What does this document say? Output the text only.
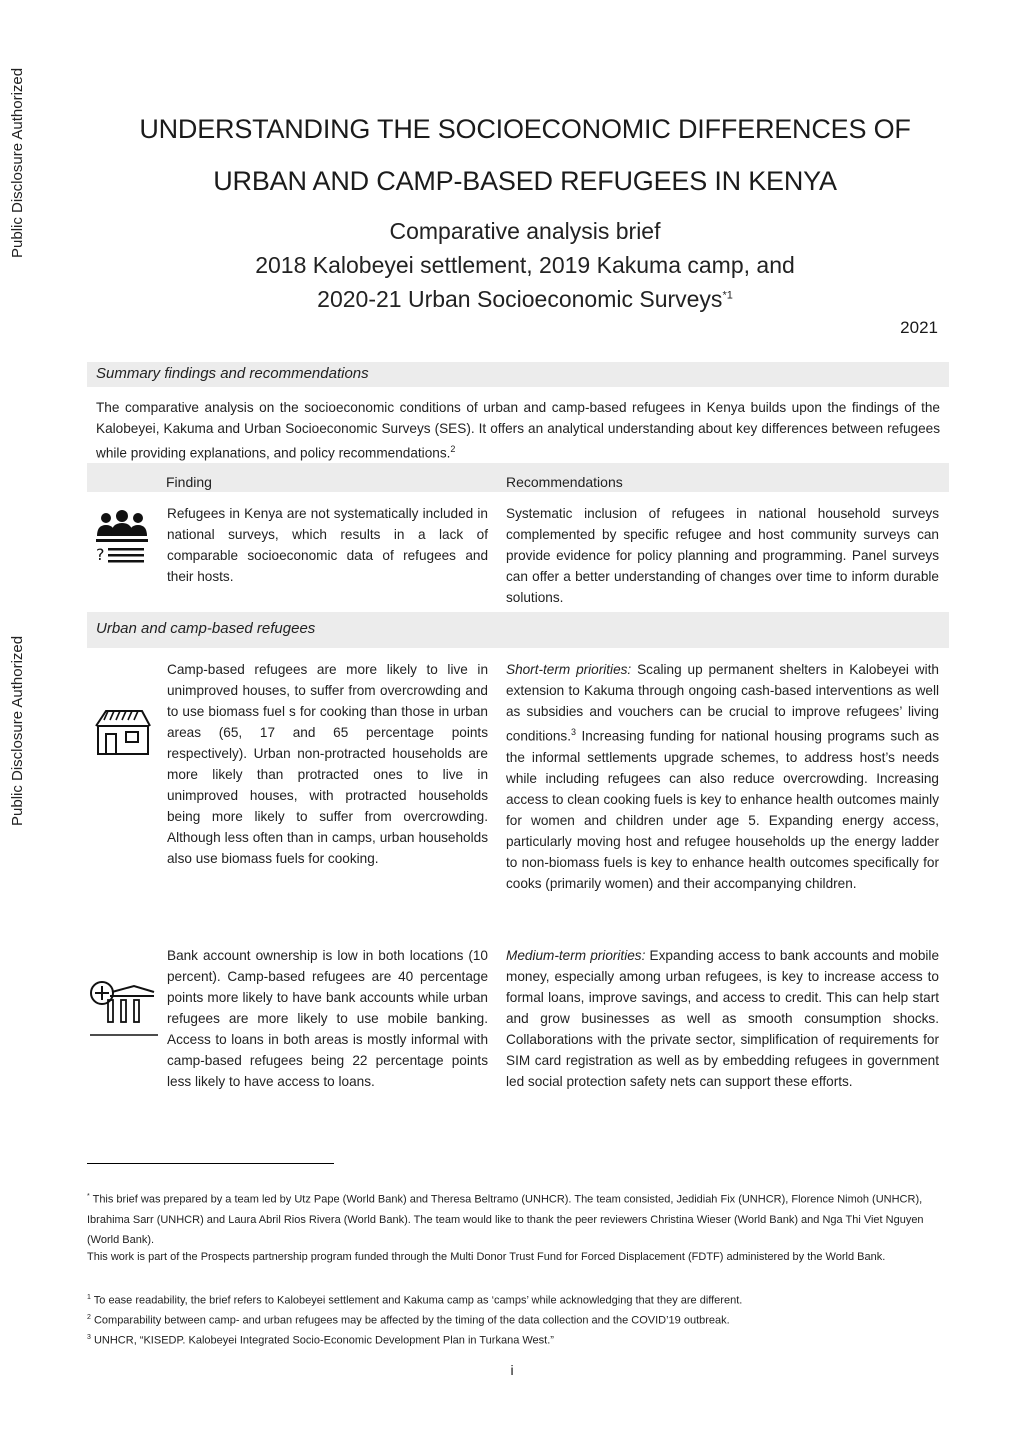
Public Disclosure Authorized
Public Disclosure Authorized
UNDERSTANDING THE SOCIOECONOMIC DIFFERENCES OF
URBAN AND CAMP-BASED REFUGEES IN KENYA
Comparative analysis brief
2018 Kalobeyei settlement, 2019 Kakuma camp, and
2020-21 Urban Socioeconomic Surveys$^{*1}$
2021
Summary findings and recommendations
The comparative analysis on the socioeconomic conditions of urban and camp-based refugees in Kenya builds upon the findings of the Kalobeyei, Kakuma and Urban Socioeconomic Surveys (SES). It offers an analytical understanding about key differences between refugees while providing explanations, and policy recommendations.$^2$
Finding	Recommendations
?
Refugees in Kenya are not systematically included in national surveys, which results in a lack of comparable socioeconomic data of refugees and their hosts.
Systematic inclusion of refugees in national household surveys complemented by specific refugee and host community surveys can provide evidence for policy planning and programming. Panel surveys can offer a better understanding of changes over time to inform durable solutions.
Urban and camp-based refugees
Camp-based refugees are more likely to live in unimproved houses, to suffer from overcrowding and to use biomass fuel s for cooking than those in urban areas (65, 17 and 65 percentage points respectively). Urban non-protracted households are more likely than protracted ones to live in unimproved houses, with protracted households being more likely to suffer from overcrowding. Although less often than in camps, urban households also use biomass fuels for cooking.
Short-term priorities: Scaling up permanent shelters in Kalobeyei with extension to Kakuma through ongoing cash-based interventions as well as subsidies and vouchers can be crucial to improve refugees’ living conditions.$^3$ Increasing funding for national housing programs such as the informal settlements upgrade schemes, to address host’s needs while including refugees can also reduce overcrowding. Increasing access to clean cooking fuels is key to enhance health outcomes mainly for women and children under age 5. Expanding energy access, particularly moving host and refugee households up the energy ladder to non-biomass fuels is key to enhance health outcomes specifically for cooks (primarily women) and their accompanying children.
Bank account ownership is low in both locations (10 percent). Camp-based refugees are 40 percentage points more likely to have bank accounts while urban refugees are more likely to use mobile banking. Access to loans in both areas is mostly informal with camp-based refugees being 22 percentage points less likely to have access to loans.
Medium-term priorities: Expanding access to bank accounts and mobile money, especially among urban refugees, is key to increase access to formal loans, improve savings, and access to credit. This can help start and grow businesses as well as smooth consumption shocks. Collaborations with the private sector, simplification of requirements for SIM card registration as well as by embedding refugees in government led social protection safety nets can support these efforts.
* This brief was prepared by a team led by Utz Pape (World Bank) and Theresa Beltramo (UNHCR). The team consisted, Jedidiah Fix (UNHCR), Florence Nimoh (UNHCR), Ibrahima Sarr (UNHCR) and Laura Abril Rios Rivera (World Bank). The team would like to thank the peer reviewers Christina Wieser (World Bank) and Nga Thi Viet Nguyen (World Bank).
This work is part of the Prospects partnership program funded through the Multi Donor Trust Fund for Forced Displacement (FDTF) administered by the World Bank.
$^1$ To ease readability, the brief refers to Kalobeyei settlement and Kakuma camp as ‘camps’ while acknowledging that they are different.
$^2$ Comparability between camp- and urban refugees may be affected by the timing of the data collection and the COVID’19 outbreak.
$^3$ UNHCR, “KISEDP. Kalobeyei Integrated Socio-Economic Development Plan in Turkana West.”
i
